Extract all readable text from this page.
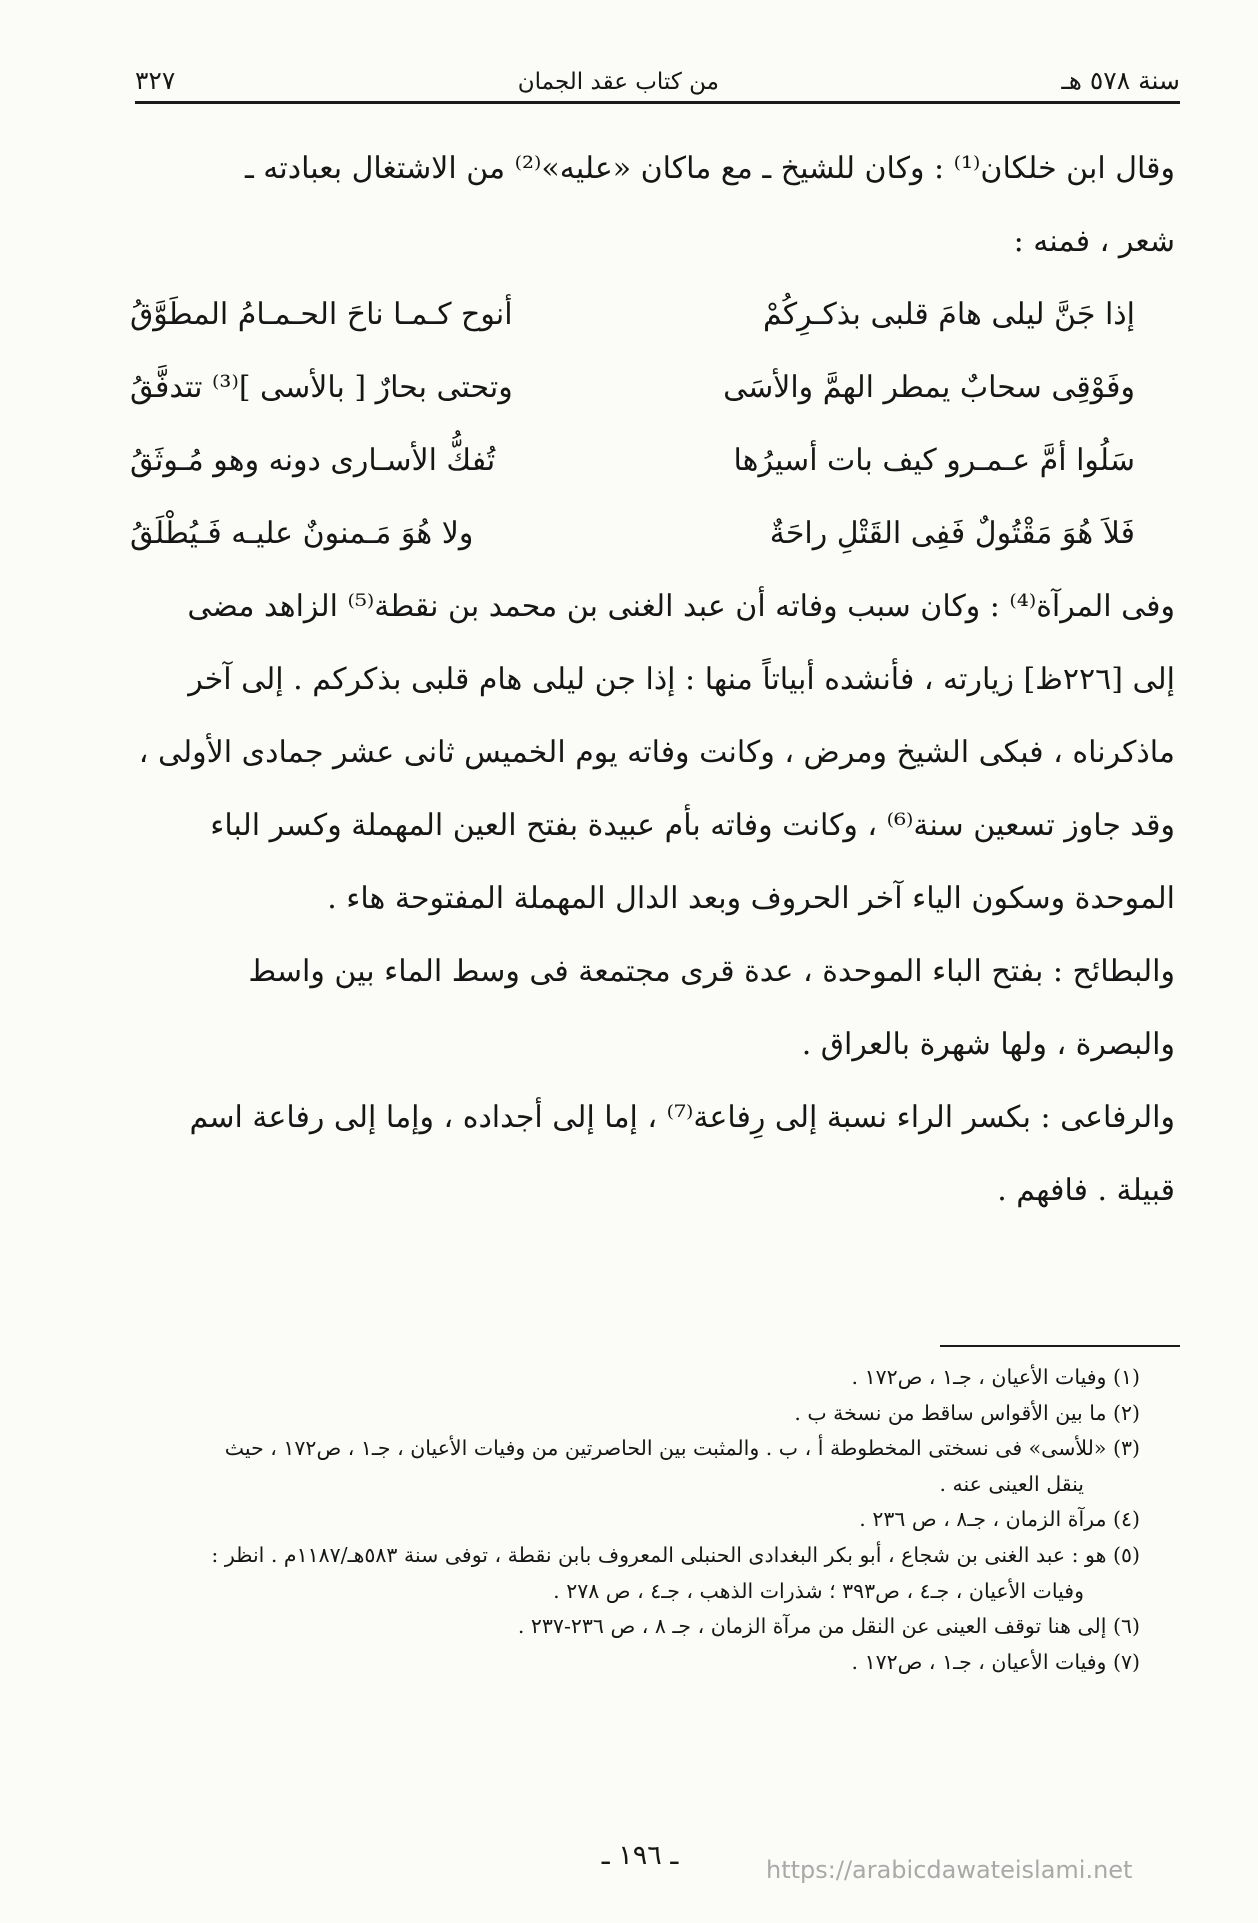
سنة ٥٧٨ هـ
من كتاب عقد الجمان
٣٢٧
وقال ابن خلكان⁽¹⁾ : وكان للشيخ ـ مع ماكان «عليه»⁽²⁾ من الاشتغال بعبادته ـ
شعر ، فمنه :
إذا جَنَّ ليلى هامَ قلبى بذكـرِكُمْ
أنوح كـمـا ناحَ الحـمـامُ المطَوَّقُ
وفَوْقِى سحابٌ يمطر الهمَّ والأسَى
وتحتى بحارٌ [ بالأسى ]⁽³⁾ تتدفَّقُ
سَلُوا أمَّ عـمـرو كيف بات أسيرُها
تُفكُّ الأسـارى دونه وهو مُـوثَقُ
فَلاَ هُوَ مَقْتُولٌ فَفِى القَتْلِ راحَةٌ
ولا هُوَ مَـمنونٌ عليـه فَـيُطْلَقُ
وفى المرآة⁽⁴⁾ : وكان سبب وفاته أن عبد الغنى بن محمد بن نقطة⁽⁵⁾ الزاهد مضى
إلى [٢٢٦ظ] زيارته ، فأنشده أبياتاً منها : إذا جن ليلى هام قلبى بذكركم . إلى آخر
ماذكرناه ، فبكى الشيخ ومرض ، وكانت وفاته يوم الخميس ثانى عشر جمادى الأولى ،
وقد جاوز تسعين سنة⁽⁶⁾ ، وكانت وفاته بأم عبيدة بفتح العين المهملة وكسر الباء
الموحدة وسكون الياء آخر الحروف وبعد الدال المهملة المفتوحة هاء .
والبطائح : بفتح الباء الموحدة ، عدة قرى مجتمعة فى وسط الماء بين واسط
والبصرة ، ولها شهرة بالعراق .
والرفاعى : بكسر الراء نسبة إلى رِفاعة⁽⁷⁾ ، إما إلى أجداده ، وإما إلى رفاعة اسم
قبيلة . فافهم .
(١) وفيات الأعيان ، جـ١ ، ص١٧٢ .
(٢) ما بين الأقواس ساقط من نسخة ب .
(٣) «للأسى» فى نسختى المخطوطة أ ، ب . والمثبت بين الحاصرتين من وفيات الأعيان ، جـ١ ، ص١٧٢ ، حيث
ينقل العينى عنه .
(٤) مرآة الزمان ، جـ٨ ، ص ٢٣٦ .
(٥) هو : عبد الغنى بن شجاع ، أبو بكر البغدادى الحنبلى المعروف بابن نقطة ، توفى سنة ٥٨٣هـ/١١٨٧م . انظر :
وفيات الأعيان ، جـ٤ ، ص٣٩٣ ؛ شذرات الذهب ، جـ٤ ، ص ٢٧٨ .
(٦) إلى هنا توقف العينى عن النقل من مرآة الزمان ، جـ ٨ ، ص ٢٣٦-٢٣٧ .
(٧) وفيات الأعيان ، جـ١ ، ص١٧٢ .
ـ ١٩٦ ـ	https://arabicdawateislami.net
